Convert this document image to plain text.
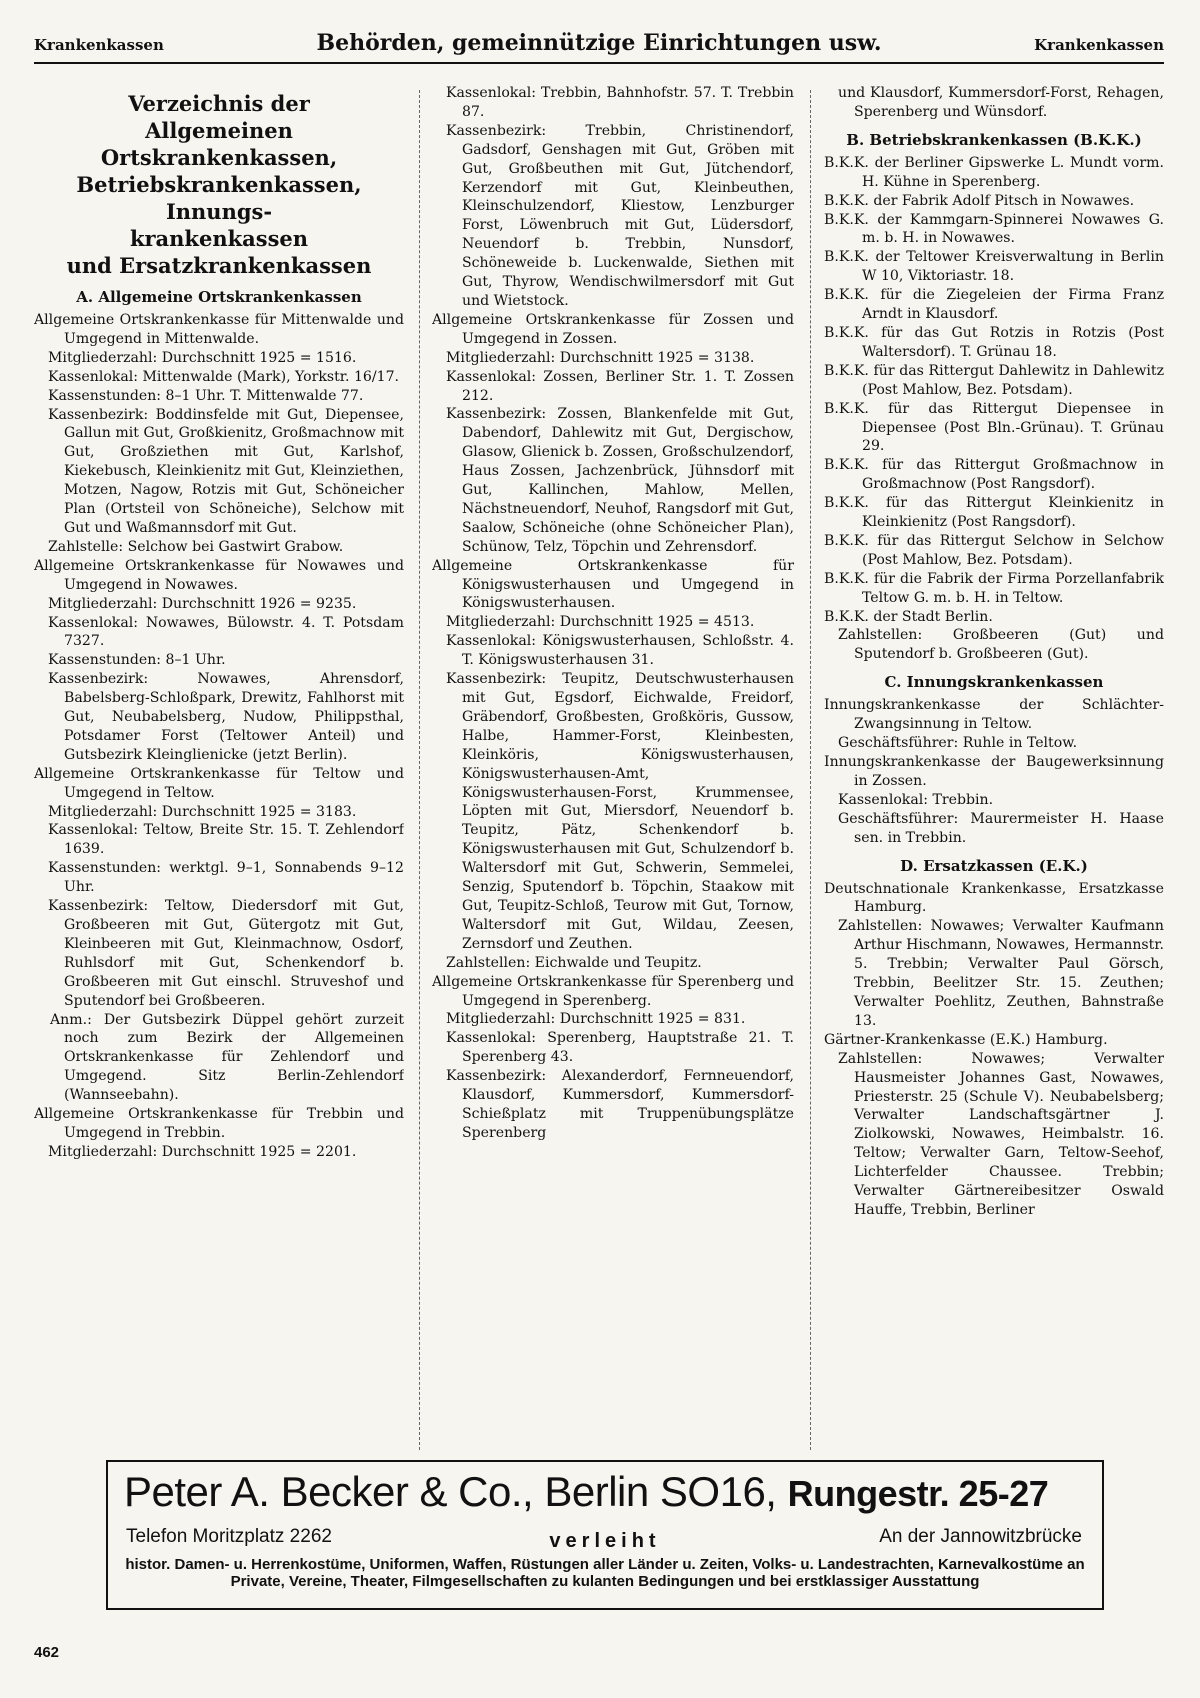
Krankenkassen	Behörden, gemeinnützige Einrichtungen usw.	Krankenkassen
Verzeichnis der
Allgemeinen Ortskrankenkassen,
Betriebskrankenkassen, Innungs-
krankenkassen
und Ersatzkrankenkassen
A. Allgemeine Ortskrankenkassen

Allgemeine Ortskrankenkasse für Mittenwalde und Umgegend in Mittenwalde.

Mitgliederzahl: Durchschnitt 1925 = 1516.

Kassenlokal: Mittenwalde (Mark), Yorkstr. 16/17.

Kassenstunden: 8–1 Uhr. T. Mittenwalde 77.

Kassenbezirk: Boddinsfelde mit Gut, Diepensee, Gallun mit Gut, Großkienitz, Großmachnow mit Gut, Großziethen mit Gut, Karlshof, Kiekebusch, Kleinkienitz mit Gut, Kleinziethen, Motzen, Nagow, Rotzis mit Gut, Schöneicher Plan (Ortsteil von Schöneiche), Selchow mit Gut und Waßmannsdorf mit Gut.

Zahlstelle: Selchow bei Gastwirt Grabow.

Allgemeine Ortskrankenkasse für Nowawes und Umgegend in Nowawes.

Mitgliederzahl: Durchschnitt 1926 = 9235.

Kassenlokal: Nowawes, Bülowstr. 4. T. Potsdam 7327.

Kassenstunden: 8–1 Uhr.

Kassenbezirk: Nowawes, Ahrensdorf, Babelsberg-Schloßpark, Drewitz, Fahlhorst mit Gut, Neubabelsberg, Nudow, Philippsthal, Potsdamer Forst (Teltower Anteil) und Gutsbezirk Kleinglienicke (jetzt Berlin).

Allgemeine Ortskrankenkasse für Teltow und Umgegend in Teltow.

Mitgliederzahl: Durchschnitt 1925 = 3183.

Kassenlokal: Teltow, Breite Str. 15. T. Zehlendorf 1639.

Kassenstunden: werktgl. 9–1, Sonnabends 9–12 Uhr.

Kassenbezirk: Teltow, Diedersdorf mit Gut, Großbeeren mit Gut, Gütergotz mit Gut, Kleinbeeren mit Gut, Kleinmachnow, Osdorf, Ruhlsdorf mit Gut, Schenkendorf b. Großbeeren mit Gut einschl. Struveshof und Sputendorf bei Großbeeren.

Anm.: Der Gutsbezirk Düppel gehört zurzeit noch zum Bezirk der Allgemeinen Ortskrankenkasse für Zehlendorf und Umgegend. Sitz Berlin-Zehlendorf (Wannseebahn).

Allgemeine Ortskrankenkasse für Trebbin und Umgegend in Trebbin.

Mitgliederzahl: Durchschnitt 1925 = 2201.

Kassenlokal: Trebbin, Bahnhofstr. 57. T. Trebbin 87.

Kassenbezirk: Trebbin, Christinendorf, Gadsdorf, Genshagen mit Gut, Gröben mit Gut, Großbeuthen mit Gut, Jütchendorf, Kerzendorf mit Gut, Kleinbeuthen, Kleinschulzendorf, Kliestow, Lenzburger Forst, Löwenbruch mit Gut, Lüdersdorf, Neuendorf b. Trebbin, Nunsdorf, Schöneweide b. Luckenwalde, Siethen mit Gut, Thyrow, Wendischwilmersdorf mit Gut und Wietstock.

Allgemeine Ortskrankenkasse für Zossen und Umgegend in Zossen.

Mitgliederzahl: Durchschnitt 1925 = 3138.

Kassenlokal: Zossen, Berliner Str. 1. T. Zossen 212.

Kassenbezirk: Zossen, Blankenfelde mit Gut, Dabendorf, Dahlewitz mit Gut, Dergischow, Glasow, Glienick b. Zossen, Großschulzendorf, Haus Zossen, Jachzenbrück, Jühnsdorf mit Gut, Kallinchen, Mahlow, Mellen, Nächstneuendorf, Neuhof, Rangsdorf mit Gut, Saalow, Schöneiche (ohne Schöneicher Plan), Schünow, Telz, Töpchin und Zehrensdorf.

Allgemeine Ortskrankenkasse für Königswusterhausen und Umgegend in Königswusterhausen.

Mitgliederzahl: Durchschnitt 1925 = 4513.

Kassenlokal: Königswusterhausen, Schloßstr. 4. T. Königswusterhausen 31.

Kassenbezirk: Teupitz, Deutschwusterhausen mit Gut, Egsdorf, Eichwalde, Freidorf, Gräbendorf, Großbesten, Großköris, Gussow, Halbe, Hammer-Forst, Kleinbesten, Kleinköris, Königswusterhausen, Königswusterhausen-Amt, Königswusterhausen-Forst, Krummensee, Löpten mit Gut, Miersdorf, Neuendorf b. Teupitz, Pätz, Schenkendorf b. Königswusterhausen mit Gut, Schulzendorf b. Waltersdorf mit Gut, Schwerin, Semmelei, Senzig, Sputendorf b. Töpchin, Staakow mit Gut, Teupitz-Schloß, Teurow mit Gut, Tornow, Waltersdorf mit Gut, Wildau, Zeesen, Zernsdorf und Zeuthen.

Zahlstellen: Eichwalde und Teupitz.

Allgemeine Ortskrankenkasse für Sperenberg und Umgegend in Sperenberg.

Mitgliederzahl: Durchschnitt 1925 = 831.

Kassenlokal: Sperenberg, Hauptstraße 21. T. Sperenberg 43.

Kassenbezirk: Alexanderdorf, Fernneuendorf, Klausdorf, Kummersdorf, Kummersdorf-Schießplatz mit Truppenübungsplätze Sperenberg

und Klausdorf, Kummersdorf-Forst, Rehagen, Sperenberg und Wünsdorf.

B. Betriebskrankenkassen (B.K.K.)

B.K.K. der Berliner Gipswerke L. Mundt vorm. H. Kühne in Sperenberg.

B.K.K. der Fabrik Adolf Pitsch in Nowawes.

B.K.K. der Kammgarn-Spinnerei Nowawes G. m. b. H. in Nowawes.

B.K.K. der Teltower Kreisverwaltung in Berlin W 10, Viktoriastr. 18.

B.K.K. für die Ziegeleien der Firma Franz Arndt in Klausdorf.

B.K.K. für das Gut Rotzis in Rotzis (Post Waltersdorf). T. Grünau 18.

B.K.K. für das Rittergut Dahlewitz in Dahlewitz (Post Mahlow, Bez. Potsdam).

B.K.K. für das Rittergut Diepensee in Diepensee (Post Bln.-Grünau). T. Grünau 29.

B.K.K. für das Rittergut Großmachnow in Großmachnow (Post Rangsdorf).

B.K.K. für das Rittergut Kleinkienitz in Kleinkienitz (Post Rangsdorf).

B.K.K. für das Rittergut Selchow in Selchow (Post Mahlow, Bez. Potsdam).

B.K.K. für die Fabrik der Firma Porzellanfabrik Teltow G. m. b. H. in Teltow.

B.K.K. der Stadt Berlin.

Zahlstellen: Großbeeren (Gut) und Sputendorf b. Großbeeren (Gut).

C. Innungskrankenkassen

Innungskrankenkasse der Schlächter-Zwangsinnung in Teltow.

Geschäftsführer: Ruhle in Teltow.

Innungskrankenkasse der Baugewerksinnung in Zossen.

Kassenlokal: Trebbin.

Geschäftsführer: Maurermeister H. Haase sen. in Trebbin.

D. Ersatzkassen (E.K.)

Deutschnationale Krankenkasse, Ersatzkasse Hamburg.

Zahlstellen: Nowawes; Verwalter Kaufmann Arthur Hischmann, Nowawes, Hermannstr. 5. Trebbin; Verwalter Paul Görsch, Trebbin, Beelitzer Str. 15. Zeuthen; Verwalter Poehlitz, Zeuthen, Bahnstraße 13.

Gärtner-Krankenkasse (E.K.) Hamburg.

Zahlstellen: Nowawes; Verwalter Hausmeister Johannes Gast, Nowawes, Priesterstr. 25 (Schule V). Neubabelsberg; Verwalter Landschaftsgärtner J. Ziolkowski, Nowawes, Heimbalstr. 16. Teltow; Verwalter Garn, Teltow-Seehof, Lichterfelder Chaussee. Trebbin; Verwalter Gärtnereibesitzer Oswald Hauffe, Trebbin, Berliner

Peter A. Becker & Co., Berlin SO16, Rungestr. 25-27
Telefon Moritzplatz 2262	verleiht	An der Jannowitzbrücke
histor. Damen- u. Herrenkostüme, Uniformen, Waffen, Rüstungen aller Länder u. Zeiten, Volks- u. Landestrachten, Karnevalkostüme an Private, Vereine, Theater, Filmgesellschaften zu kulanten Bedingungen und bei erstklassiger Ausstattung
462
